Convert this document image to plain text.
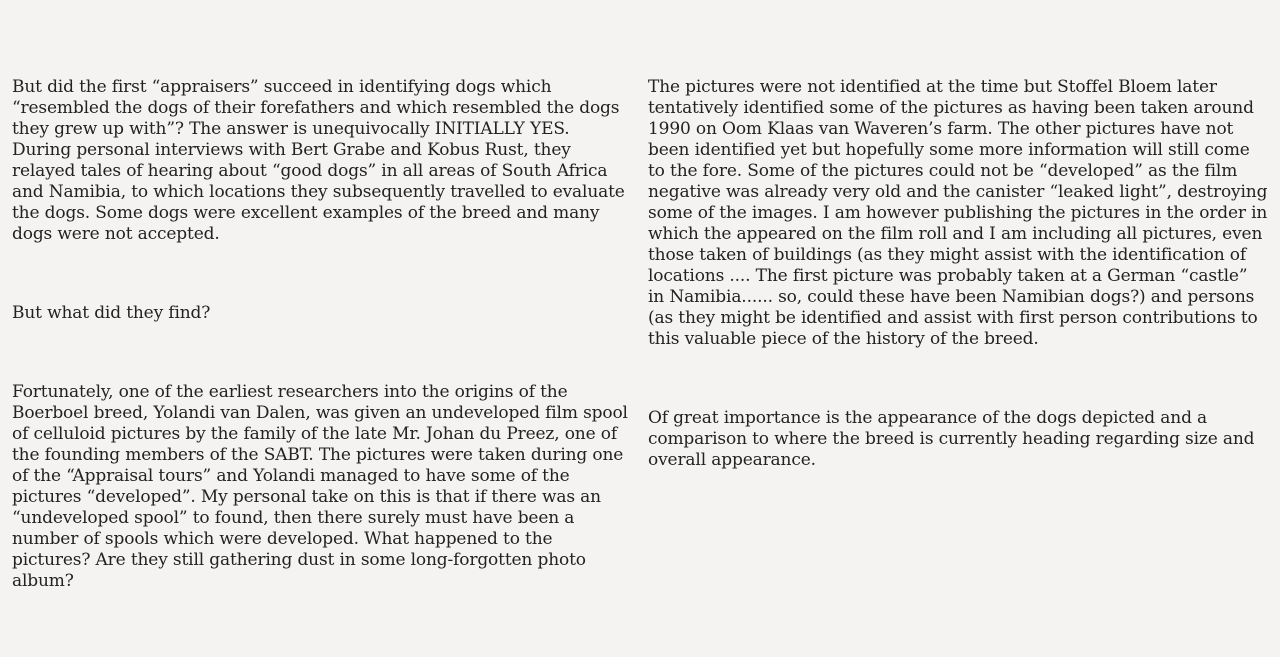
But did the first “appraisers” succeed in identifying dogs which “resembled the dogs of their forefathers and which resembled the dogs they grew up with”? The answer is unequivocally INITIALLY YES. During personal interviews with Bert Grabe and Kobus Rust, they relayed tales of hearing about “good dogs” in all areas of South Africa and Namibia, to which locations they subsequently travelled to evaluate the dogs. Some dogs were excellent examples of the breed and many dogs were not accepted.

But what did they find?

Fortunately, one of the earliest researchers into the origins of the Boerboel breed, Yolandi van Dalen, was given an undeveloped film spool of celluloid pictures by the family of the late Mr. Johan du Preez, one of the founding members of the SABT. The pictures were taken during one of the “Appraisal tours” and Yolandi managed to have some of the pictures “developed”. My personal take on this is that if there was an “undeveloped spool” to found, then there surely must have been a number of spools which were developed. What happened to the pictures? Are they still gathering dust in some long-forgotten photo album?

The pictures were not identified at the time but Stoffel Bloem later tentatively identified some of the pictures as having been taken around 1990 on Oom Klaas van Waveren’s farm. The other pictures have not been identified yet but hopefully some more information will still come to the fore. Some of the pictures could not be “developed” as the film negative was already very old and the canister “leaked light”, destroying some of the images. I am however publishing the pictures in the order in which the appeared on the film roll and I am including all pictures, even those taken of buildings (as they might assist with the identification of locations .... The first picture was probably taken at a German “castle” in Namibia...... so, could these have been Namibian dogs?) and persons (as they might be identified and assist with first person contributions to this valuable piece of the history of the breed.

Of great importance is the appearance of the dogs depicted and a comparison to where the breed is currently heading regarding size and overall appearance.
